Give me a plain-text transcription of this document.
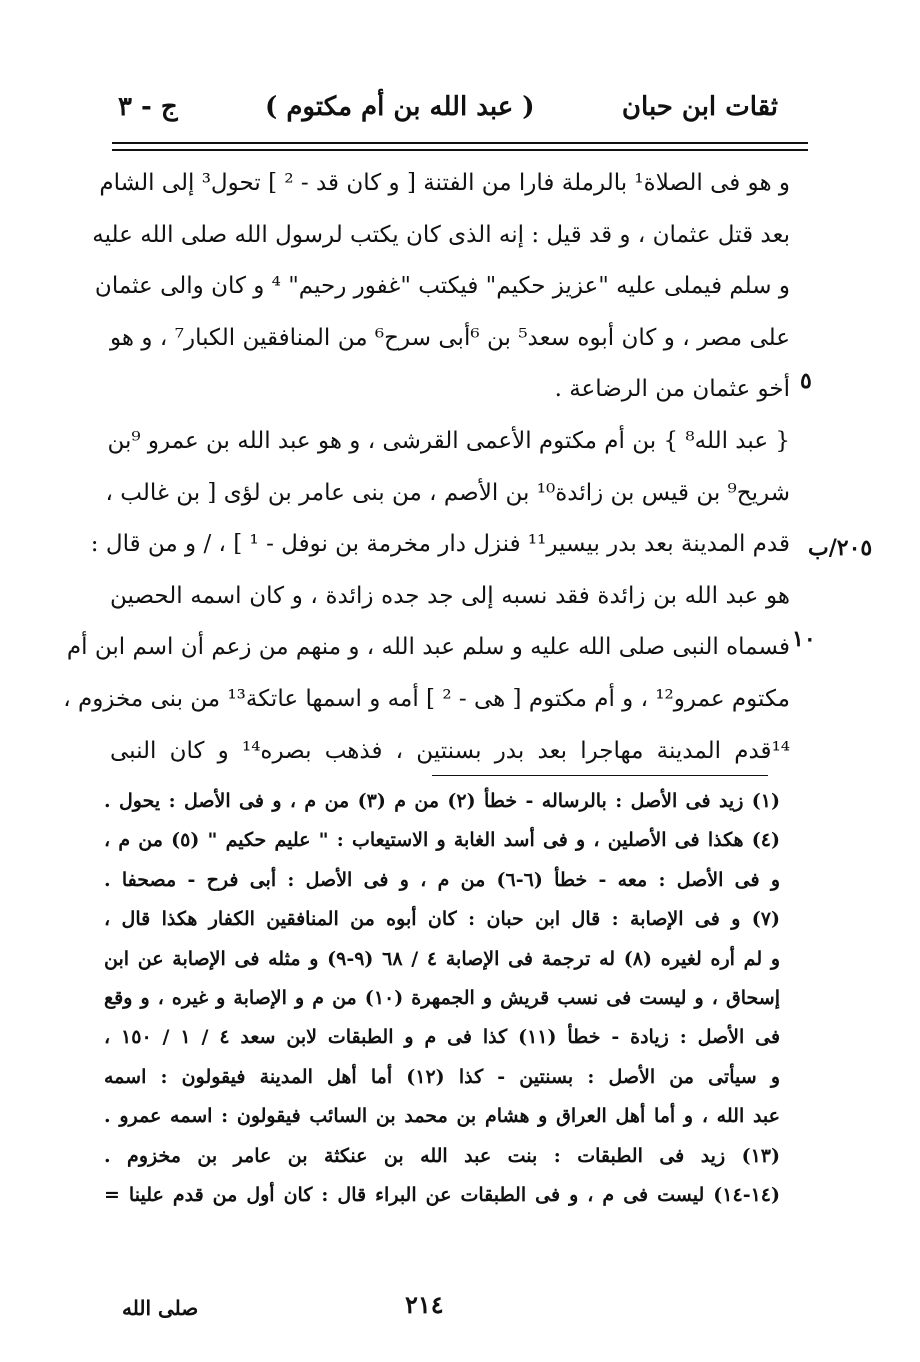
ثقات ابن حبان
( عبد الله بن أم مكتوم )
ج - ٣
و هو فى الصلاة¹ بالرملة فارا من الفتنة [ و كان قد - ² ] تحول³ إلى الشام
بعد قتل عثمان ، و قد قيل : إنه الذى كان يكتب لرسول الله صلى الله عليه
و سلم فيملى عليه "عزيز حكيم" فيكتب "غفور رحيم" ⁴ و كان والى عثمان
على مصر ، و كان أبوه سعد⁵ بن ⁶أبى سرح⁶ من المنافقين الكبار⁷ ، و هو
أخو عثمان من الرضاعة .
{ عبد الله⁸ } بن أم مكتوم الأعمى القرشى ، و هو عبد الله بن عمرو ⁹بن
شريح⁹ بن قيس بن زائدة¹⁰ بن الأصم ، من بنى عامر بن لؤى [ بن غالب ،
قدم المدينة بعد بدر بيسير¹¹ فنزل دار مخرمة بن نوفل - ¹ ] ، / و من قال :
هو عبد الله بن زائدة فقد نسبه إلى جد جده زائدة ، و كان اسمه الحصين
فسماه النبى صلى الله عليه و سلم عبد الله ، و منهم من زعم أن اسم ابن أم
مكتوم عمرو¹² ، و أم مكتوم [ هى - ² ] أمه و اسمها عاتكة¹³ من بنى مخزوم ،
¹⁴قدم المدينة مهاجرا بعد بدر بسنتين ، فذهب بصره¹⁴ و كان النبى
٥
١٠
٢٠٥/ب
(١) زيد فى الأصل : بالرساله - خطأ (٢) من م (٣) من م ، و فى الأصل : يحول .
(٤) هكذا فى الأصلين ، و فى أسد الغابة و الاستيعاب : " عليم حكيم " (٥) من م ،
و فى الأصل : معه - خطأ (٦-٦) من م ، و فى الأصل : أبى فرح - مصحفا .
(٧) و فى الإصابة : قال ابن حبان : كان أبوه من المنافقين الكفار هكذا قال ،
و لم أره لغيره (٨) له ترجمة فى الإصابة ٤ / ٦٨ (٩-٩) و مثله فى الإصابة عن ابن
إسحاق ، و ليست فى نسب قريش و الجمهرة (١٠) من م و الإصابة و غيره ، و وقع
فى الأصل : زيادة - خطأ (١١) كذا فى م و الطبقات لابن سعد ٤ / ١ / ١٥٠ ،
و سيأتى من الأصل : بسنتين - كذا (١٢) أما أهل المدينة فيقولون : اسمه
عبد الله ، و أما أهل العراق و هشام بن محمد بن السائب فيقولون : اسمه عمرو .
(١٣) زيد فى الطبقات : بنت عبد الله بن عنكثة بن عامر بن مخزوم .
(١٤-١٤) ليست فى م ، و فى الطبقات عن البراء قال : كان أول من قدم علينا =
٢١٤
صلى الله
